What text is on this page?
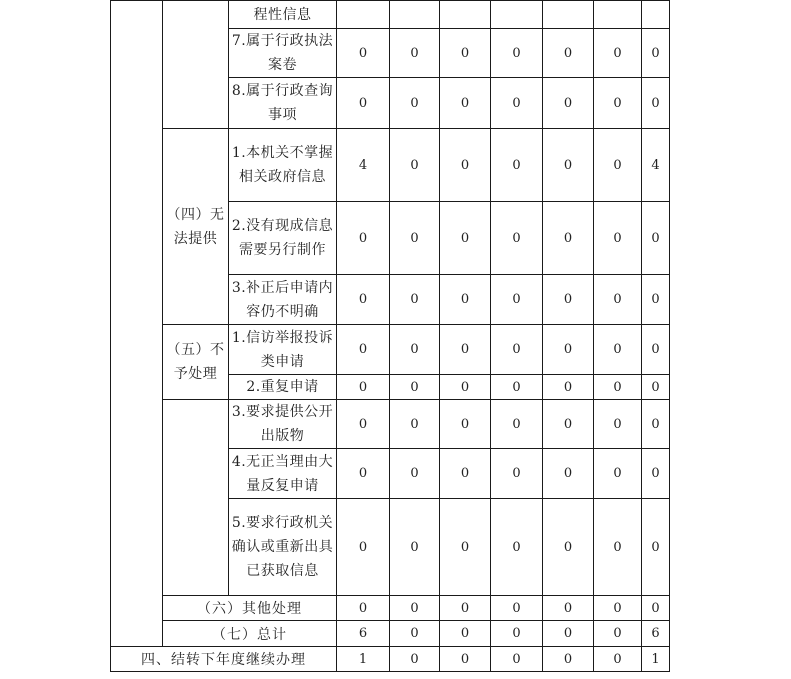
		程性信息							
		7.属于行政执法案卷	0	0	0	0	0	0	0
		8.属于行政查询事项	0	0	0	0	0	0	0
	（四）无法提供	1.本机关不掌握相关政府信息	4	0	0	0	0	0	4
		2.没有现成信息需要另行制作	0	0	0	0	0	0	0
		3.补正后申请内容仍不明确	0	0	0	0	0	0	0
	（五）不予处理	1.信访举报投诉类申请	0	0	0	0	0	0	0
		2.重复申请	0	0	0	0	0	0	0
		3.要求提供公开出版物	0	0	0	0	0	0	0
		4.无正当理由大量反复申请	0	0	0	0	0	0	0
		5.要求行政机关确认或重新出具已获取信息	0	0	0	0	0	0	0
	（六）其他处理		0	0	0	0	0	0	0
	（七）总计		6	0	0	0	0	0	6
四、结转下年度继续办理			1	0	0	0	0	0	1
